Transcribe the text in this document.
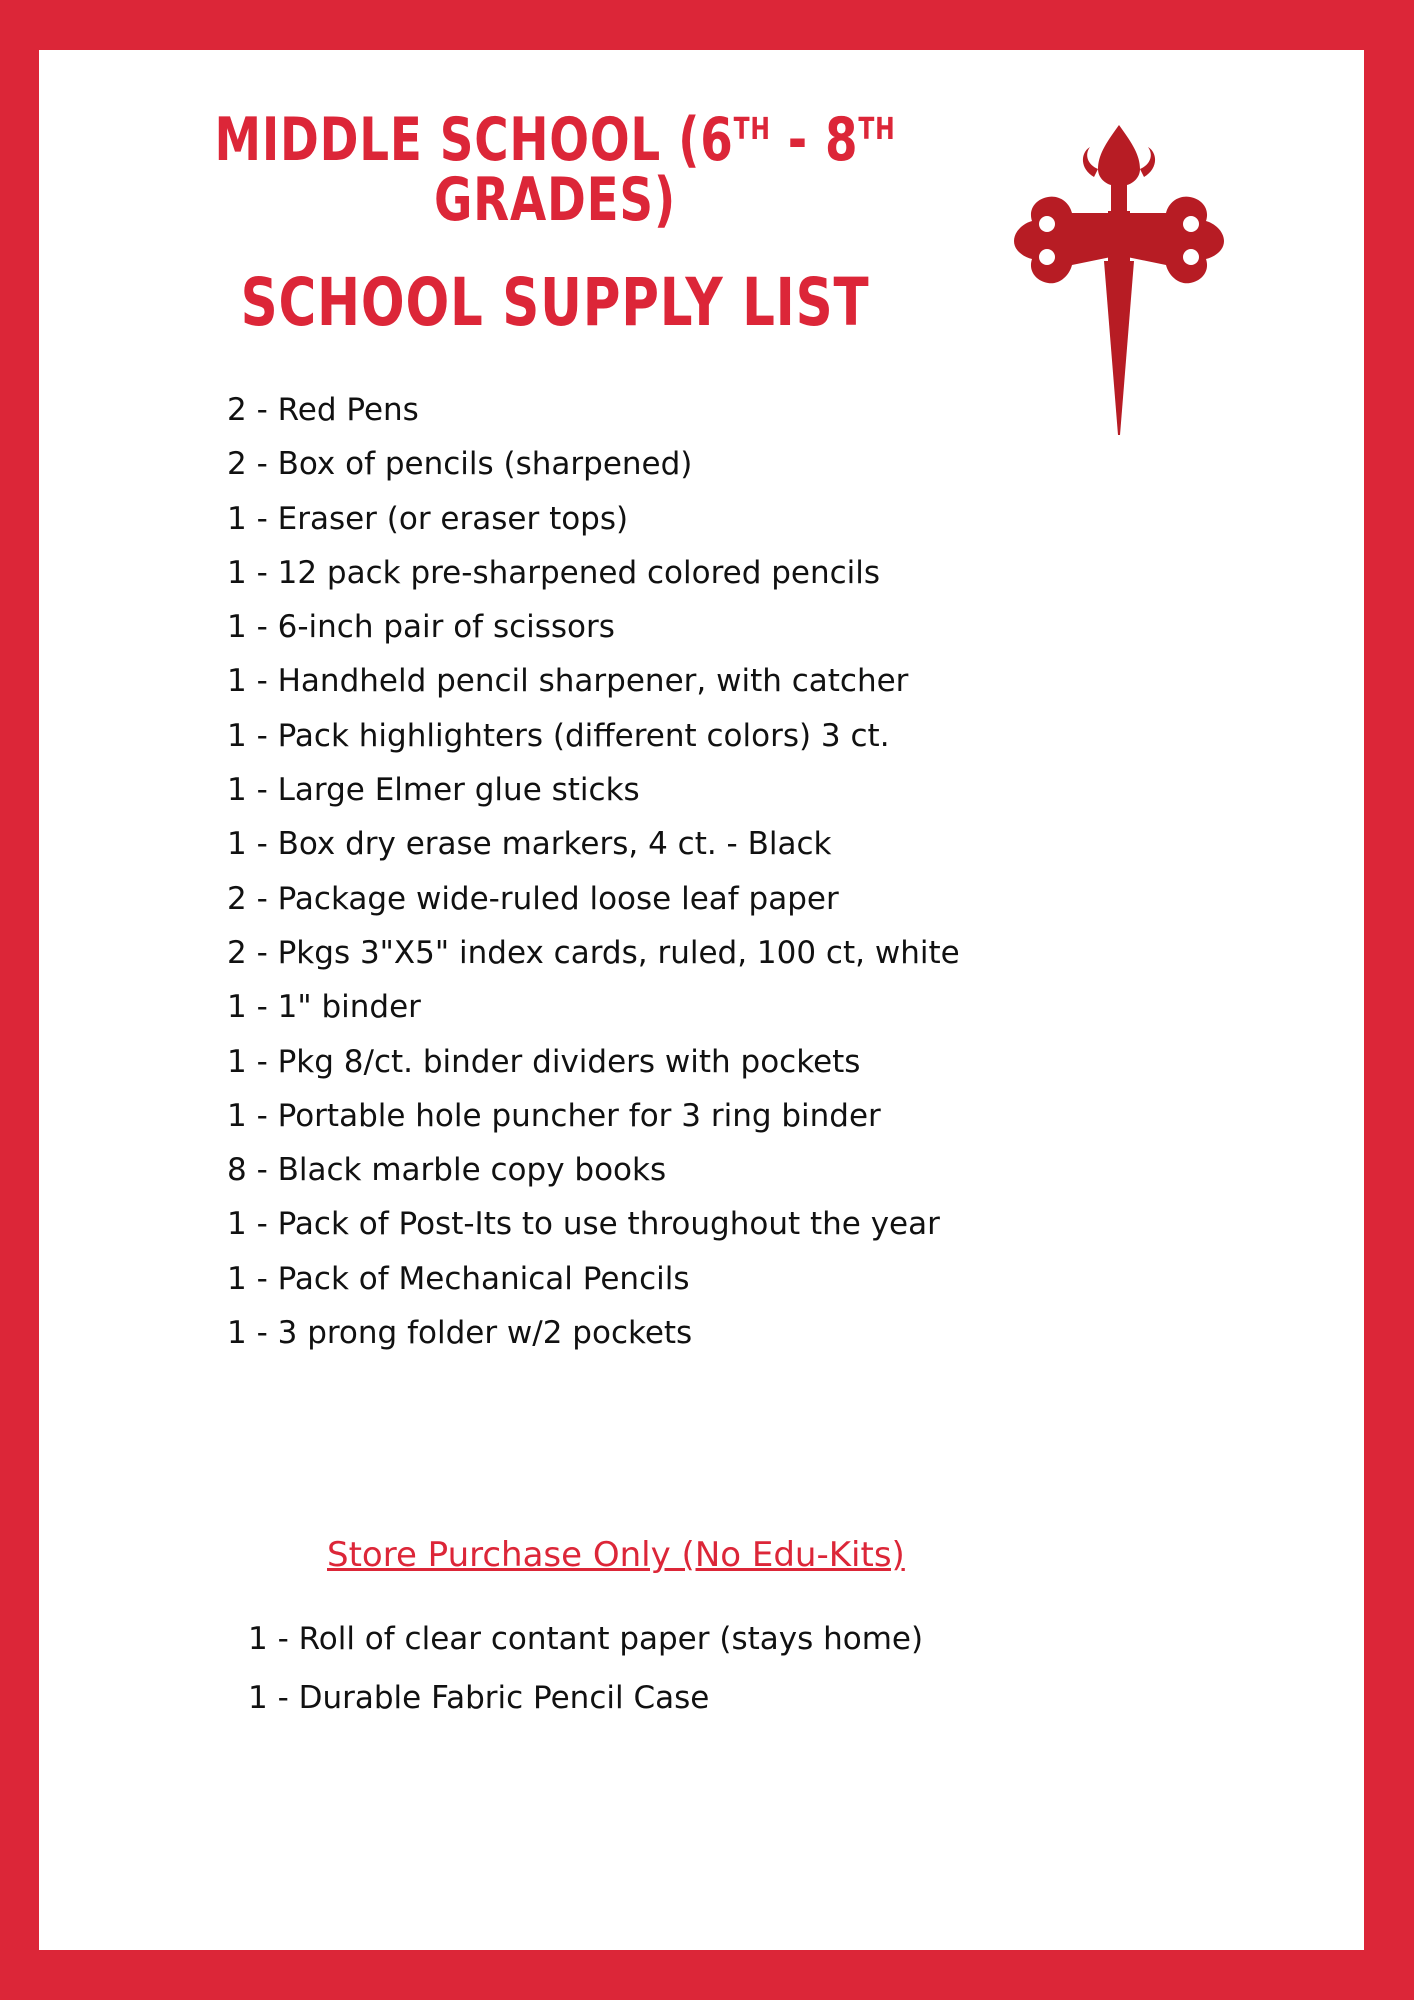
MIDDLE SCHOOL (6TH - 8TH GRADES)
SCHOOL SUPPLY LIST
2 - Red Pens
2 - Box of pencils (sharpened)
1 - Eraser (or eraser tops)
1 - 12 pack pre-sharpened colored pencils
1 - 6-inch pair of scissors
1 - Handheld pencil sharpener, with catcher
1 - Pack highlighters (different colors) 3 ct.
1 - Large Elmer glue sticks
1 - Box dry erase markers, 4 ct. - Black
2 - Package wide-ruled loose leaf paper
2 - Pkgs 3"X5" index cards, ruled, 100 ct, white
1 - 1" binder
1 - Pkg 8/ct. binder dividers with pockets
1 - Portable hole puncher for 3 ring binder
8 - Black marble copy books
1 - Pack of Post-Its to use throughout the year
1 - Pack of Mechanical Pencils
1 - 3 prong folder w/2 pockets
Store Purchase Only (No Edu-Kits)
1 - Roll of clear contant paper (stays home)
1 - Durable Fabric Pencil Case
